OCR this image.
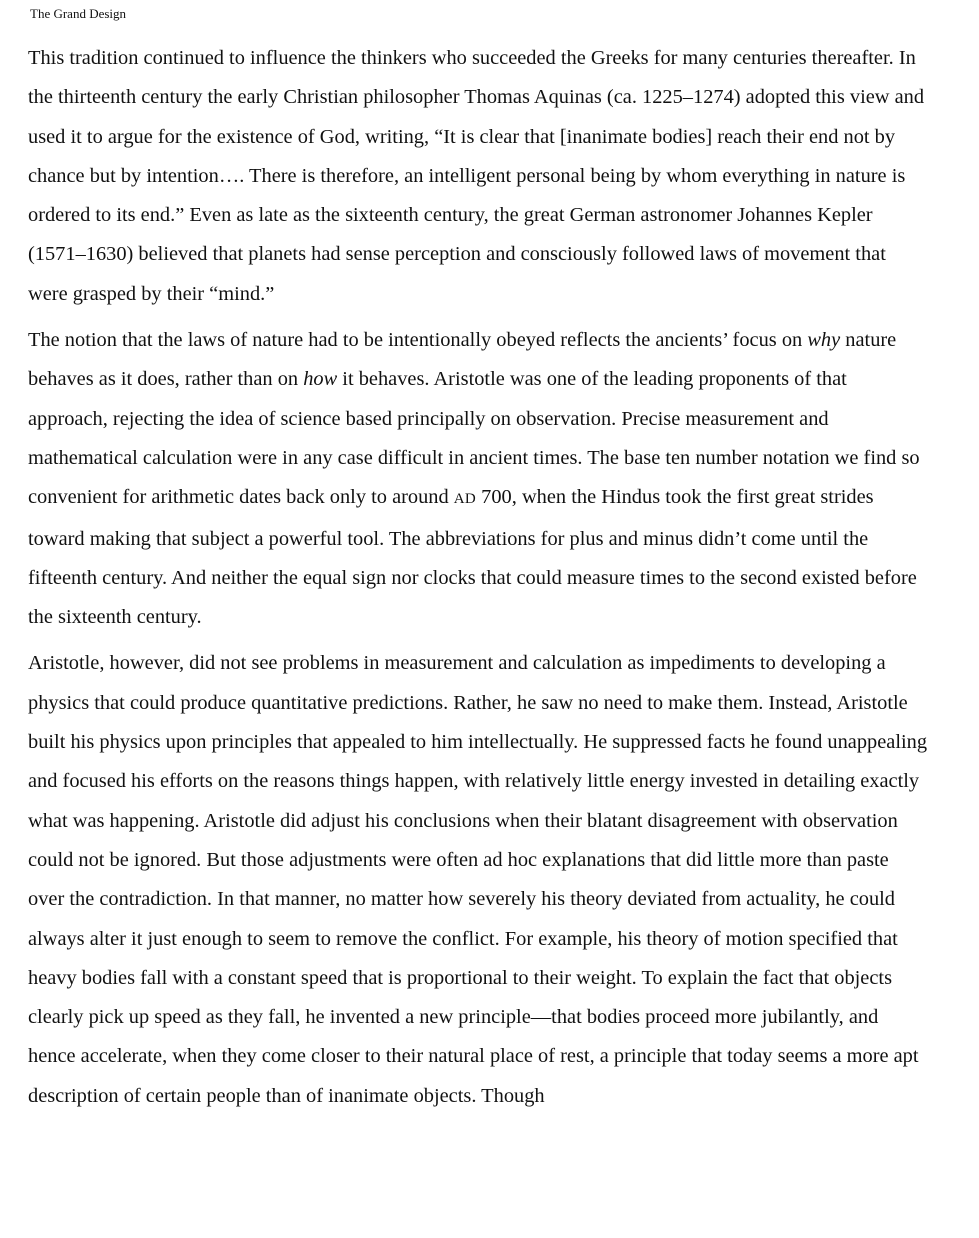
The Grand Design

This tradition continued to influence the thinkers who succeeded the Greeks for many centuries thereafter. In the thirteenth century the early Christian philosopher Thomas Aquinas (ca. 1225–1274) adopted this view and used it to argue for the existence of God, writing, “It is clear that [inanimate bodies] reach their end not by chance but by intention…. There is therefore, an intelligent personal being by whom everything in nature is ordered to its end.” Even as late as the sixteenth century, the great German astronomer Johannes Kepler (1571–1630) believed that planets had sense perception and consciously followed laws of movement that were grasped by their “mind.”

The notion that the laws of nature had to be intentionally obeyed reflects the ancients’ focus on why nature behaves as it does, rather than on how it behaves. Aristotle was one of the leading proponents of that approach, rejecting the idea of science based principally on observation. Precise measurement and mathematical calculation were in any case difficult in ancient times. The base ten number notation we find so convenient for arithmetic dates back only to around AD 700, when the Hindus took the first great strides toward making that subject a powerful tool. The abbreviations for plus and minus didn’t come until the fifteenth century. And neither the equal sign nor clocks that could measure times to the second existed before the sixteenth century.

Aristotle, however, did not see problems in measurement and calculation as impediments to developing a physics that could produce quantitative predictions. Rather, he saw no need to make them. Instead, Aristotle built his physics upon principles that appealed to him intellectually. He suppressed facts he found unappealing and focused his efforts on the reasons things happen, with relatively little energy invested in detailing exactly what was happening. Aristotle did adjust his conclusions when their blatant disagreement with observation could not be ignored. But those adjustments were often ad hoc explanations that did little more than paste over the contradiction. In that manner, no matter how severely his theory deviated from actuality, he could always alter it just enough to seem to remove the conflict. For example, his theory of motion specified that heavy bodies fall with a constant speed that is proportional to their weight. To explain the fact that objects clearly pick up speed as they fall, he invented a new principle—that bodies proceed more jubilantly, and hence accelerate, when they come closer to their natural place of rest, a principle that today seems a more apt description of certain people than of inanimate objects. Though
